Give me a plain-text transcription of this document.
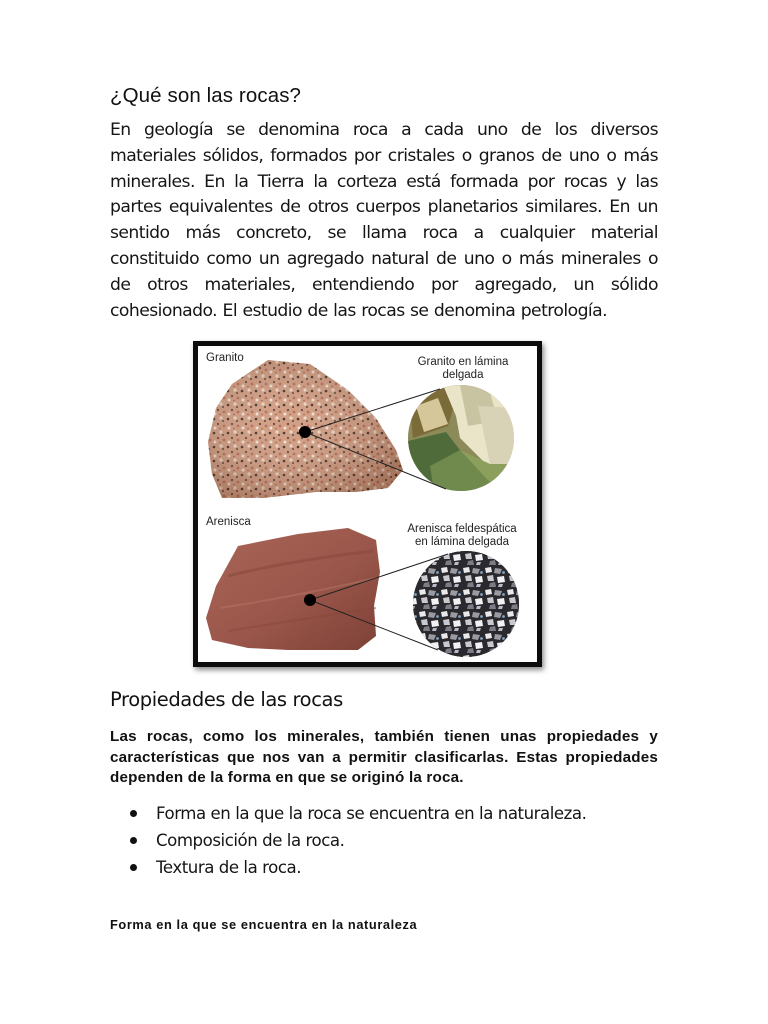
¿Qué son las rocas?

En geología se denomina roca a cada uno de los diversos materiales sólidos, formados por cristales o granos de uno o más minerales. En la Tierra la corteza está formada por rocas y las partes equivalentes de otros cuerpos planetarios similares. En un sentido más concreto, se llama roca a cualquier material constituido como un agregado natural de uno o más minerales o de otros materiales, entendiendo por agregado, un sólido cohesionado. El estudio de las rocas se denomina petrología.

Granito	Granito en lámina

delgada

Arenisca

Arenisca feldespática

en lámina delgada

Propiedades de las rocas

Las rocas, como los minerales, también tienen unas propiedades y características que nos van a permitir clasificarlas. Estas propiedades dependen de la forma en que se originó la roca.

Forma en la que la roca se encuentra en la naturaleza.
Composición de la roca.
Textura de la roca.
Forma en la que se encuentra en la naturaleza
